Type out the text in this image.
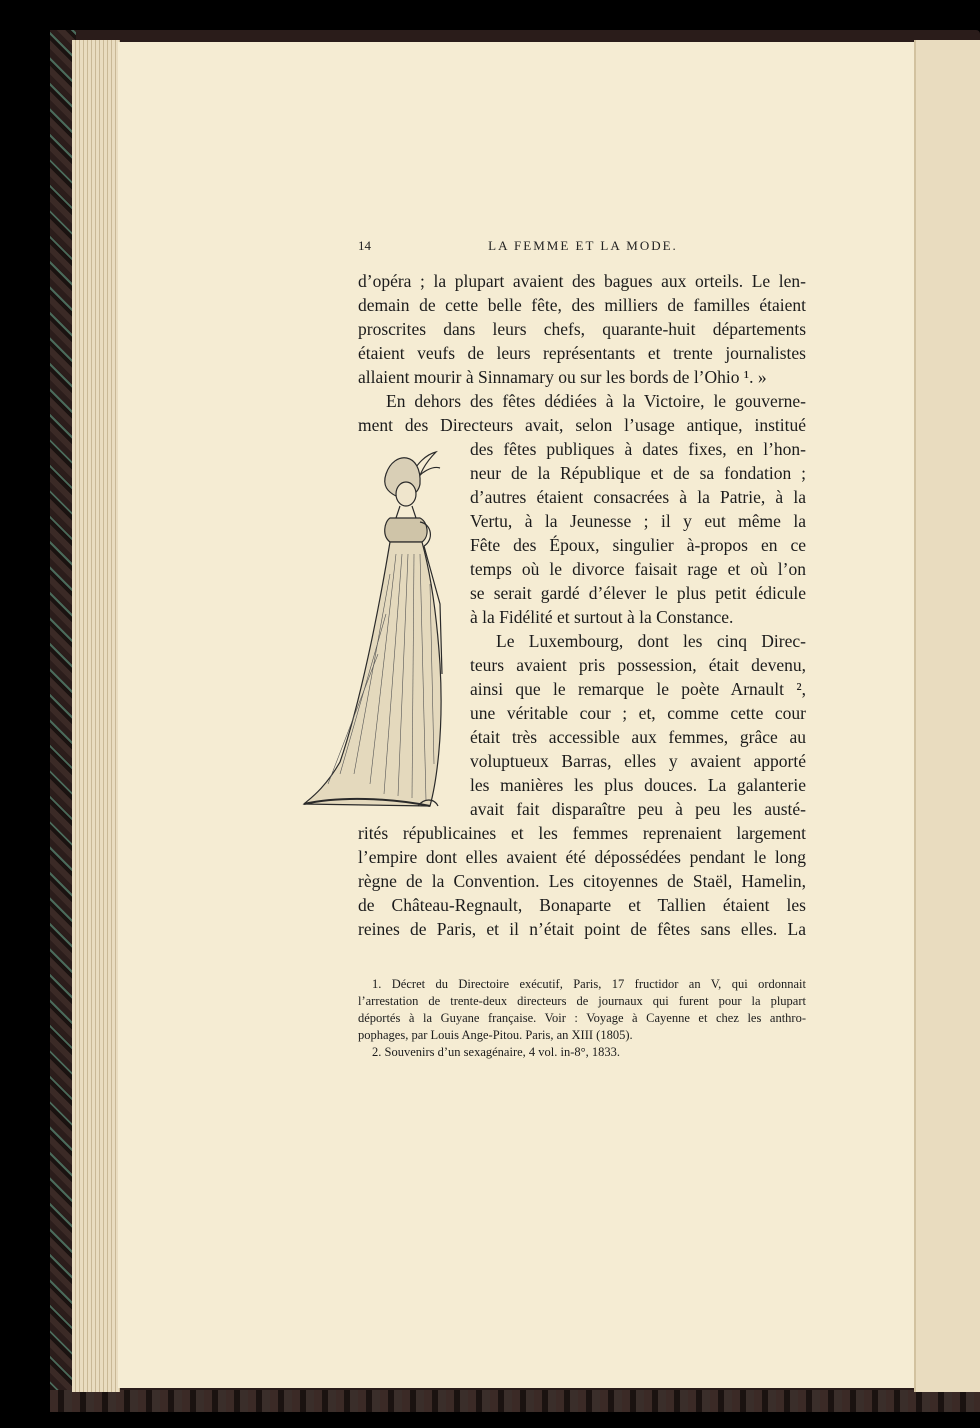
14	LA FEMME ET LA MODE.
d’opéra ; la plupart avaient des bagues aux orteils. Le len-
demain de cette belle fête, des milliers de familles étaient
proscrites dans leurs chefs, quarante-huit départements
étaient veufs de leurs représentants et trente journalistes
allaient mourir à Sinnamary ou sur les bords de l’Ohio ¹. »
En dehors des fêtes dédiées à la Victoire, le gouverne-
ment des Directeurs avait, selon l’usage antique, institué
des fêtes publiques à dates fixes, en l’hon-
neur de la République et de sa fondation ;
d’autres étaient consacrées à la Patrie, à la
Vertu, à la Jeunesse ; il y eut même la
Fête des Époux, singulier à-propos en ce
temps où le divorce faisait rage et où l’on
se serait gardé d’élever le plus petit édicule
à la Fidélité et surtout à la Constance.
Le Luxembourg, dont les cinq Direc-
teurs avaient pris possession, était devenu,
ainsi que le remarque le poète Arnault ²,
une véritable cour ; et, comme cette cour
était très accessible aux femmes, grâce au
voluptueux Barras, elles y avaient apporté
les manières les plus douces. La galanterie
avait fait disparaître peu à peu les austé-
rités républicaines et les femmes reprenaient largement
l’empire dont elles avaient été dépossédées pendant le long
règne de la Convention. Les citoyennes de Staël, Hamelin,
de Château-Regnault, Bonaparte et Tallien étaient les
reines de Paris, et il n’était point de fêtes sans elles. La
1. Décret du Directoire exécutif, Paris, 17 fructidor an V, qui ordonnait
l’arrestation de trente-deux directeurs de journaux qui furent pour la plupart
déportés à la Guyane française. Voir : Voyage à Cayenne et chez les anthro-
pophages, par Louis Ange-Pitou. Paris, an XIII (1805).
2. Souvenirs d’un sexagénaire, 4 vol. in-8°, 1833.
